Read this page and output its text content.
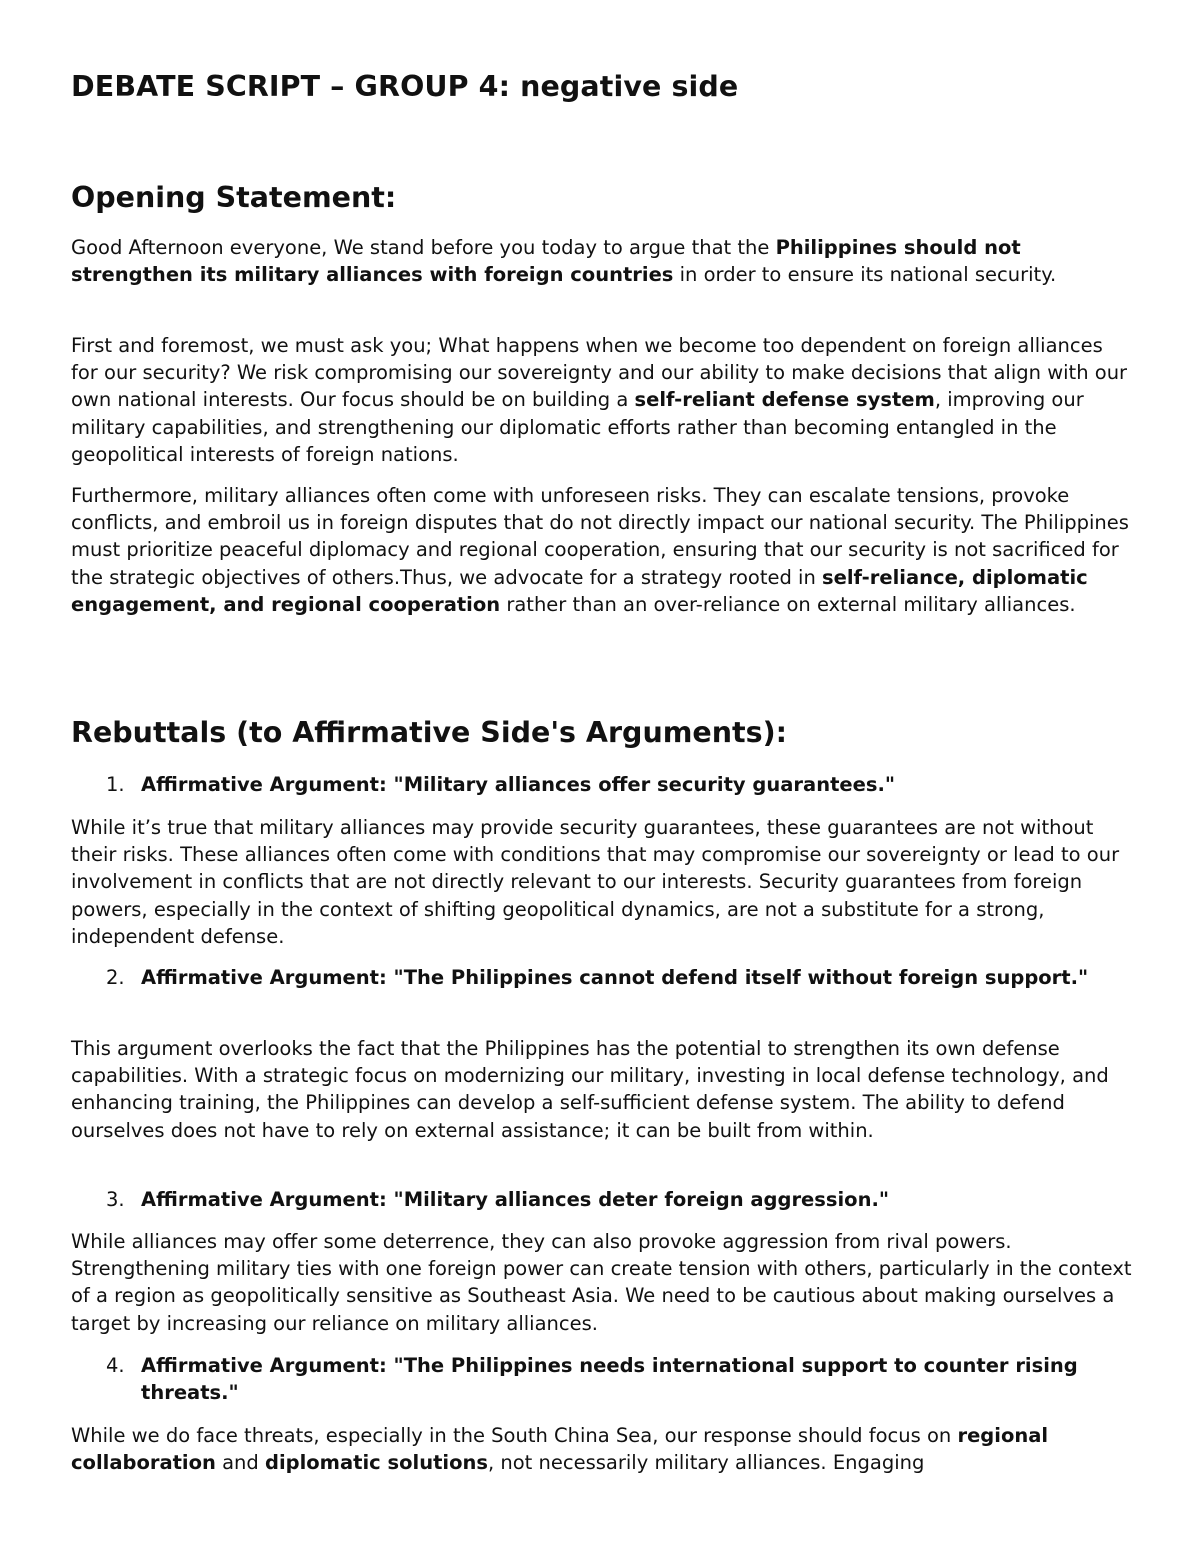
DEBATE SCRIPT – GROUP 4: negative side
Opening Statement:

Good Afternoon everyone, We stand before you today to argue that the Philippines should not strengthen its military alliances with foreign countries in order to ensure its national security.

First and foremost, we must ask you; What happens when we become too dependent on foreign alliances for our security? We risk compromising our sovereignty and our ability to make decisions that align with our own national interests. Our focus should be on building a self-reliant defense system, improving our military capabilities, and strengthening our diplomatic efforts rather than becoming entangled in the geopolitical interests of foreign nations.

Furthermore, military alliances often come with unforeseen risks. They can escalate tensions, provoke conflicts, and embroil us in foreign disputes that do not directly impact our national security. The Philippines must prioritize peaceful diplomacy and regional cooperation, ensuring that our security is not sacrificed for the strategic objectives of others.Thus, we advocate for a strategy rooted in self-reliance, diplomatic engagement, and regional cooperation rather than an over-reliance on external military alliances.

Rebuttals (to Affirmative Side's Arguments):
1. Affirmative Argument: "Military alliances offer security guarantees."

While it’s true that military alliances may provide security guarantees, these guarantees are not without their risks. These alliances often come with conditions that may compromise our sovereignty or lead to our involvement in conflicts that are not directly relevant to our interests. Security guarantees from foreign powers, especially in the context of shifting geopolitical dynamics, are not a substitute for a strong, independent defense.

2. Affirmative Argument: "The Philippines cannot defend itself without foreign support."

This argument overlooks the fact that the Philippines has the potential to strengthen its own defense capabilities. With a strategic focus on modernizing our military, investing in local defense technology, and enhancing training, the Philippines can develop a self-sufficient defense system. The ability to defend ourselves does not have to rely on external assistance; it can be built from within.

3. Affirmative Argument: "Military alliances deter foreign aggression."

While alliances may offer some deterrence, they can also provoke aggression from rival powers. Strengthening military ties with one foreign power can create tension with others, particularly in the context of a region as geopolitically sensitive as Southeast Asia. We need to be cautious about making ourselves a target by increasing our reliance on military alliances.

4. Affirmative Argument: "The Philippines needs international support to counter rising threats."

While we do face threats, especially in the South China Sea, our response should focus on regional collaboration and diplomatic solutions, not necessarily military alliances. Engaging
